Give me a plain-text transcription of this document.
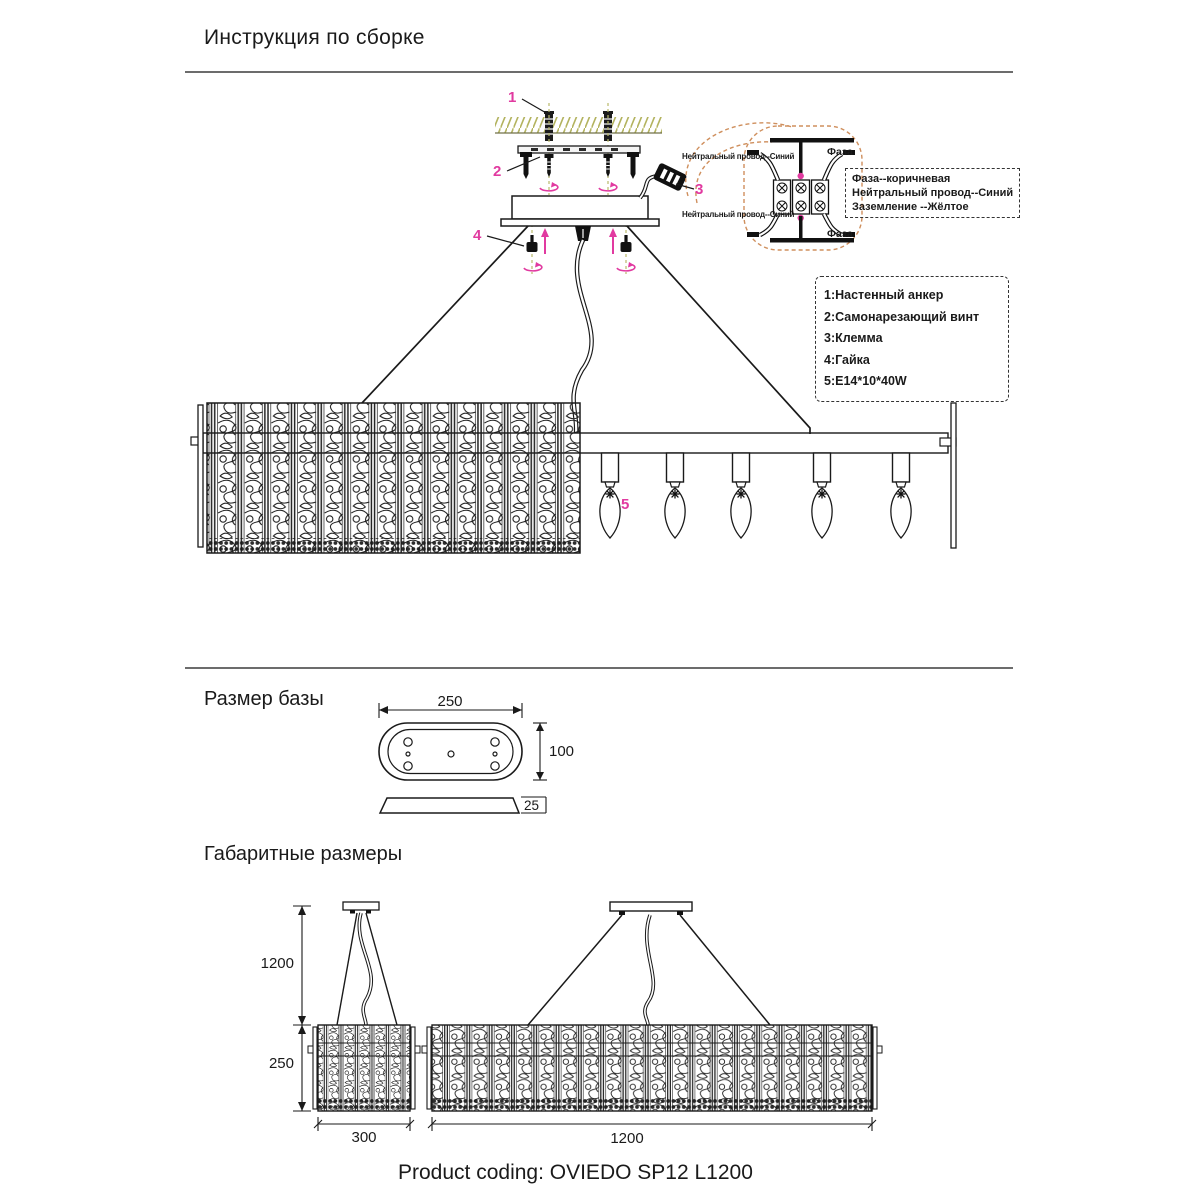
Инструкция по сборке
1
2
3
4
5
Нейтральный провод--Синий
Нейтральный провод--Синий
Фаза
Фаза
Фаза--коричневая
Нейтральный провод--Синий
Заземление --Жёлтое
1:Настенный анкер
2:Самонарезающий винт
3:Клемма
4:Гайка
5:E14*10*40W
Размер базы	250
100
25
Габаритные размеры
1200
250
300	1200
Product coding: OVIEDO SP12 L1200
